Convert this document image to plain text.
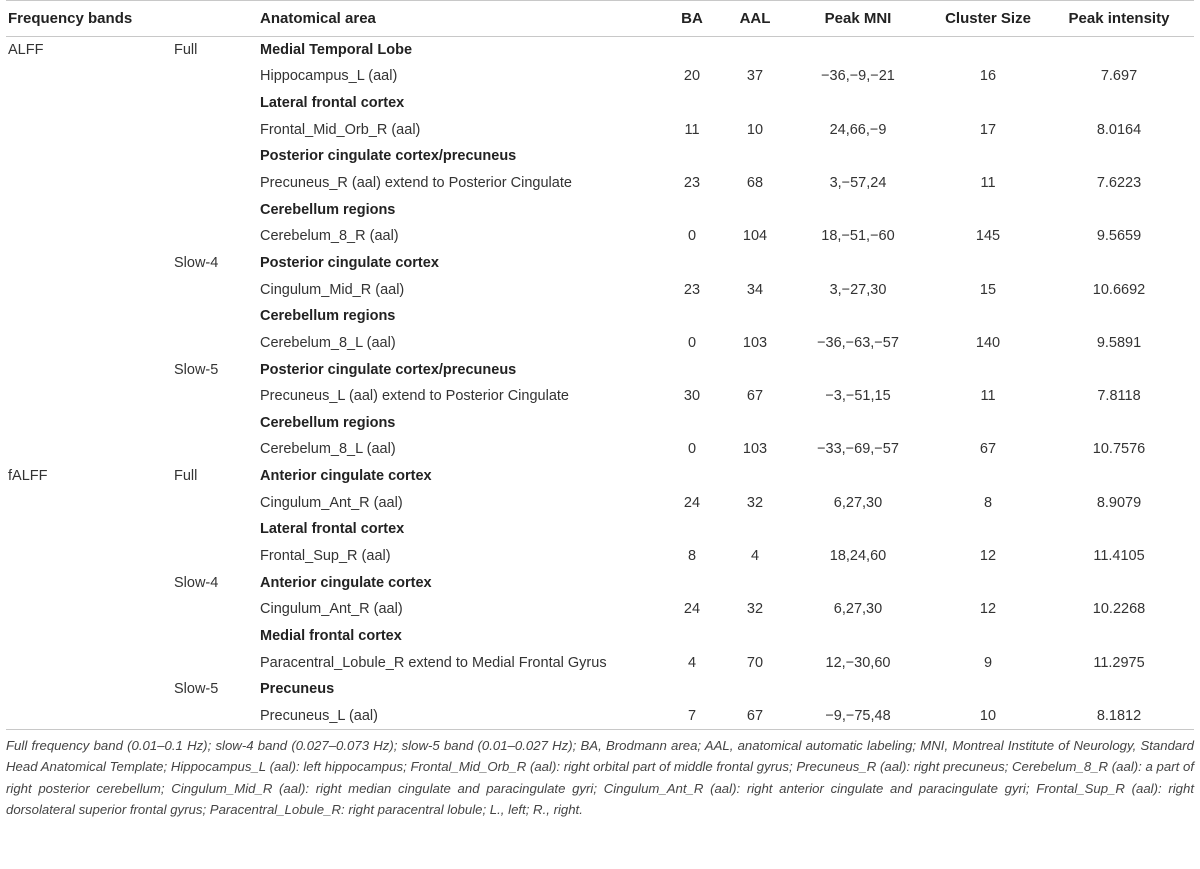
Frequency bands		Anatomical area	BA	AAL	Peak MNI	Cluster Size	Peak intensity
ALFF	Full	Medial Temporal Lobe					
		Hippocampus_L (aal)	20	37	−36,−9,−21	16	7.697
		Lateral frontal cortex					
		Frontal_Mid_Orb_R (aal)	11	10	24,66,−9	17	8.0164
		Posterior cingulate cortex/precuneus					
		Precuneus_R (aal) extend to Posterior Cingulate	23	68	3,−57,24	11	7.6223
		Cerebellum regions					
		Cerebelum_8_R (aal)	0	104	18,−51,−60	145	9.5659
	Slow-4	Posterior cingulate cortex					
		Cingulum_Mid_R (aal)	23	34	3,−27,30	15	10.6692
		Cerebellum regions					
		Cerebelum_8_L (aal)	0	103	−36,−63,−57	140	9.5891
	Slow-5	Posterior cingulate cortex/precuneus					
		Precuneus_L (aal) extend to Posterior Cingulate	30	67	−3,−51,15	11	7.8118
		Cerebellum regions					
		Cerebelum_8_L (aal)	0	103	−33,−69,−57	67	10.7576
fALFF	Full	Anterior cingulate cortex					
		Cingulum_Ant_R (aal)	24	32	6,27,30	8	8.9079
		Lateral frontal cortex					
		Frontal_Sup_R (aal)	8	4	18,24,60	12	11.4105
	Slow-4	Anterior cingulate cortex					
		Cingulum_Ant_R (aal)	24	32	6,27,30	12	10.2268
		Medial frontal cortex					
		Paracentral_Lobule_R extend to Medial Frontal Gyrus	4	70	12,−30,60	9	11.2975
	Slow-5	Precuneus					
		Precuneus_L (aal)	7	67	−9,−75,48	10	8.1812
Full frequency band (0.01–0.1 Hz); slow-4 band (0.027–0.073 Hz); slow-5 band (0.01–0.027 Hz); BA, Brodmann area; AAL, anatomical automatic labeling; MNI, Montreal Institute of Neurology, Standard Head Anatomical Template; Hippocampus_L (aal): left hippocampus; Frontal_Mid_Orb_R (aal): right orbital part of middle frontal gyrus; Precuneus_R (aal): right precuneus; Cerebelum_8_R (aal): a part of right posterior cerebellum; Cingulum_Mid_R (aal): right median cingulate and paracingulate gyri; Cingulum_Ant_R (aal): right anterior cingulate and paracingulate gyri; Frontal_Sup_R (aal): right dorsolateral superior frontal gyrus; Paracentral_Lobule_R: right paracentral lobule; L., left; R., right.
